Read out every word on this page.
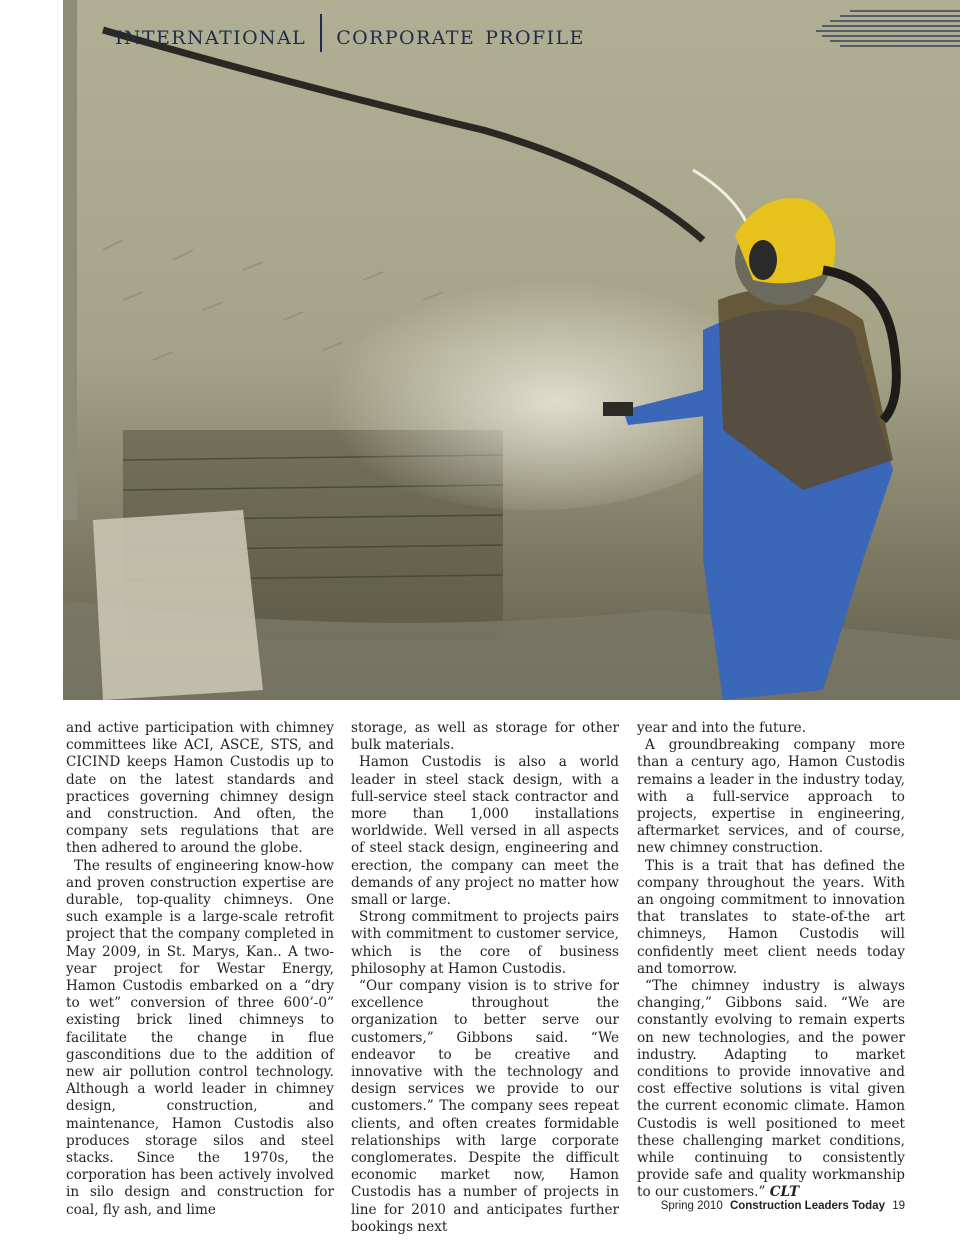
international corporate profile

and active participation with chimney committees like ACI, ASCE, STS, and CICIND keeps Hamon Custodis up to date on the latest standards and practices governing chimney design and construction. And often, the company sets regulations that are then adhered to around the globe.

The results of engineering know-how and proven construction expertise are durable, top-quality chimneys. One such example is a large-scale retrofit project that the company completed in May 2009, in St. Marys, Kan.. A two-year project for Westar Energy, Hamon Custodis embarked on a “dry to wet” conversion of three 600’-0” existing brick lined chimneys to facilitate the change in flue gasconditions due to the addition of new air pollution control technology. Although a world leader in chimney design, construction, and maintenance, Hamon Custodis also produces storage silos and steel stacks. Since the 1970s, the corporation has been actively involved in silo design and construction for coal, fly ash, and lime

storage, as well as storage for other bulk materials.

Hamon Custodis is also a world leader in steel stack design, with a full-service steel stack contractor and more than 1,000 installations worldwide. Well versed in all aspects of steel stack design, engineering and erection, the company can meet the demands of any project no matter how small or large.

Strong commitment to projects pairs with commitment to customer service, which is the core of business philosophy at Hamon Custodis.

“Our company vision is to strive for excellence throughout the organization to better serve our customers,” Gibbons said. “We endeavor to be creative and innovative with the technology and design services we provide to our customers.” The company sees repeat clients, and often creates formidable relationships with large corporate conglomerates. Despite the difficult economic market now, Hamon Custodis has a number of projects in line for 2010 and anticipates further bookings next

year and into the future.

A groundbreaking company more than a century ago, Hamon Custodis remains a leader in the industry today, with a full-service approach to projects, expertise in engineering, aftermarket services, and of course, new chimney construction.

This is a trait that has defined the company throughout the years. With an ongoing commitment to innovation that translates to state-of-the art chimneys, Hamon Custodis will confidently meet client needs today and tomorrow.

“The chimney industry is always changing,” Gibbons said. “We are constantly evolving to remain experts on new technologies, and the power industry. Adapting to market conditions to provide innovative and cost effective solutions is vital given the current economic climate. Hamon Custodis is well positioned to meet these challenging market conditions, while continuing to consistently provide safe and quality workmanship to our customers.” CLT

Spring 2010 Construction Leaders Today 19
